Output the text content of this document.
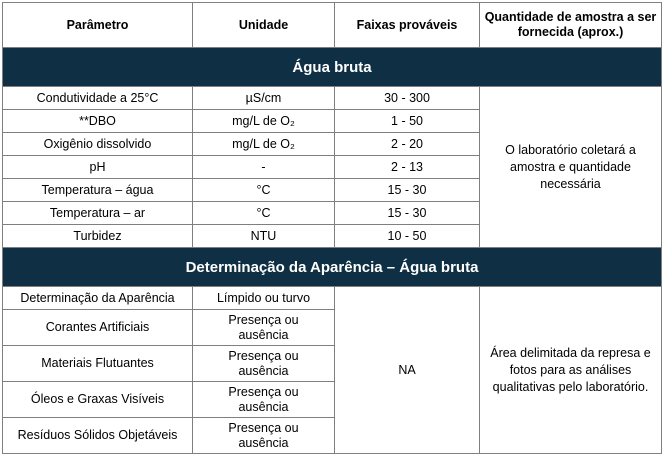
Parâmetro	Unidade	Faixas prováveis	Quantidade de amostra a ser fornecida (aprox.)
Água bruta			
Condutividade a 25°C	µS/cm	30 - 300	O laboratório coletará a amostra e quantidade necessária
**DBO	mg/L de O₂	1 - 50	
Oxigênio dissolvido	mg/L de O₂	2 - 20	
pH	-	2 - 13	
Temperatura – água	°C	15 - 30	
Temperatura – ar	°C	15 - 30	
Turbidez	NTU	10 - 50	
Determinação da Aparência – Água bruta			
Determinação da Aparência	Límpido ou turvo	NA	Área delimitada da represa e fotos para as análises qualitativas pelo laboratório.
Corantes Artificiais	Presença ou ausência		
Materiais Flutuantes	Presença ou ausência		
Óleos e Graxas Visíveis	Presença ou ausência		
Resíduos Sólidos Objetáveis	Presença ou ausência		
